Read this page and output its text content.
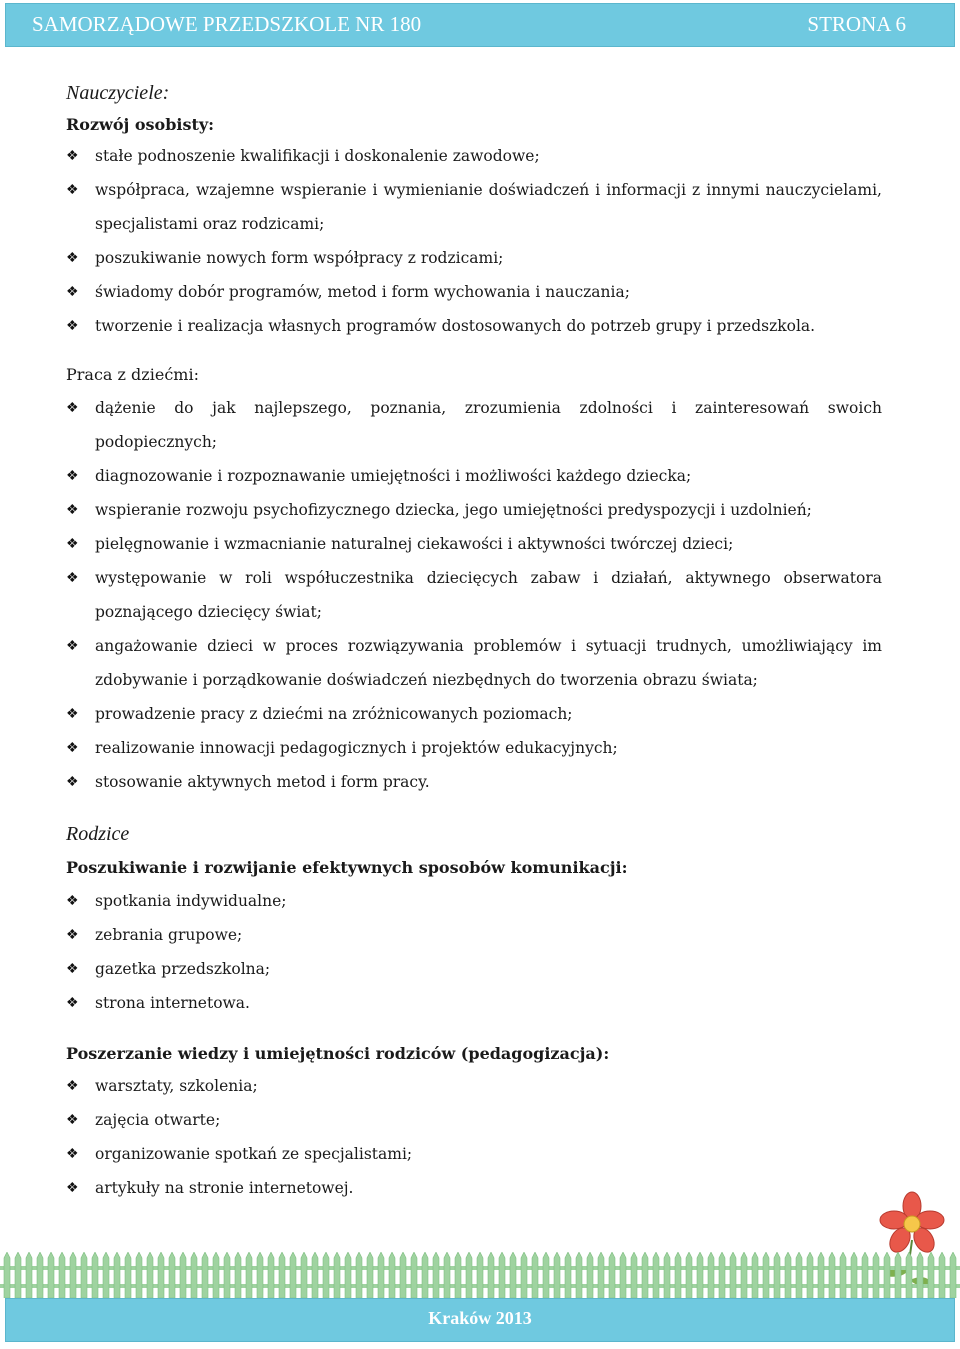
SAMORZĄDOWE PRZEDSZKOLE NR 180	STRONA 6

Nauczyciele:

Rozwój osobisty:

❖ stałe podnoszenie kwalifikacji i doskonalenie zawodowe;
❖ współpraca, wzajemne wspieranie i wymienianie doświadczeń i informacji z innymi nauczycielami, specjalistami oraz rodzicami;
❖ poszukiwanie nowych form współpracy z rodzicami;
❖ świadomy dobór programów, metod i form wychowania i nauczania;
❖ tworzenie i realizacja własnych programów dostosowanych do potrzeb grupy i przedszkola.

Praca z dziećmi:

❖ dążenie do jak najlepszego, poznania, zrozumienia zdolności i zainteresowań swoich podopiecznych;
❖ diagnozowanie i rozpoznawanie umiejętności i możliwości każdego dziecka;
❖ wspieranie rozwoju psychofizycznego dziecka, jego umiejętności predyspozycji i uzdolnień;
❖ pielęgnowanie i wzmacnianie naturalnej ciekawości i aktywności twórczej dzieci;
❖ występowanie w roli współuczestnika dziecięcych zabaw i działań, aktywnego obserwatora poznającego dziecięcy świat;
❖ angażowanie dzieci w proces rozwiązywania problemów i sytuacji trudnych, umożliwiający im zdobywanie i porządkowanie doświadczeń niezbędnych do tworzenia obrazu świata;
❖ prowadzenie pracy z dziećmi na zróżnicowanych poziomach;
❖ realizowanie innowacji pedagogicznych i projektów edukacyjnych;
❖ stosowanie aktywnych metod i form pracy.

Rodzice

Poszukiwanie i rozwijanie efektywnych sposobów komunikacji:

❖ spotkania indywidualne;
❖ zebrania grupowe;
❖ gazetka przedszkolna;
❖ strona internetowa.

Poszerzanie wiedzy i umiejętności rodziców (pedagogizacja):

❖ warsztaty, szkolenia;
❖ zajęcia otwarte;
❖ organizowanie spotkań ze specjalistami;
❖ artykuły na stronie internetowej.
Kraków 2013
